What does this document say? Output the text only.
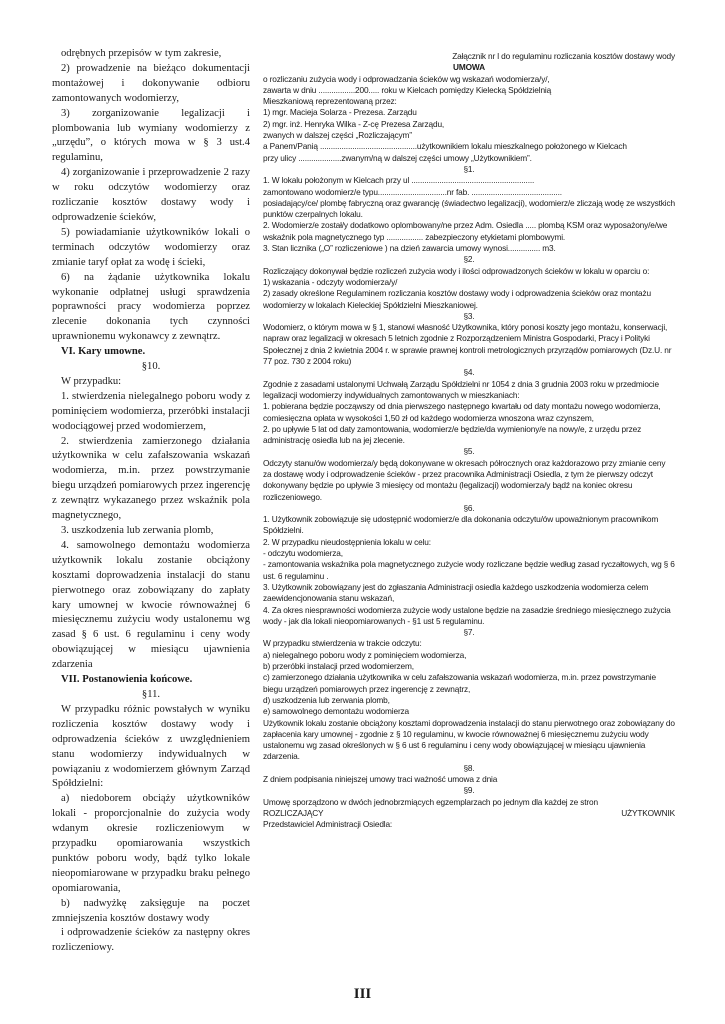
odrębnych przepisów w tym zakresie,

2) prowadzenie na bieżąco dokumentacji montażowej i dokonywanie odbioru zamontowanych wodomierzy,

3) zorganizowanie legalizacji i plombowania lub wymiany wodomierzy z „urzędu”, o których mowa w § 3 ust.4 regulaminu,

4) zorganizowanie i przeprowadzenie 2 razy w roku odczytów wodomierzy oraz rozliczanie kosztów dostawy wody i odprowadzenie ścieków,

5) powiadamianie użytkowników lokali o terminach odczytów wodomierzy oraz zmianie taryf opłat za wodę i ścieki,

6) na żądanie użytkownika lokalu wykonanie odpłatnej usługi sprawdzenia poprawności pracy wodomierza poprzez zlecenie dokonania tych czynności uprawnionemu wykonawcy z zewnątrz.

VI. Kary umowne.

§10.

W przypadku:

1. stwierdzenia nielegalnego poboru wody z pominięciem wodomierza, przeróbki instalacji wodociągowej przed wodomierzem,

2. stwierdzenia zamierzonego działania użytkownika w celu zafałszowania wskazań wodomierza, m.in. przez powstrzymanie biegu urządzeń pomiarowych przez ingerencję z zewnątrz wykazanego przez wskaźnik pola magnetycznego,

3. uszkodzenia lub zerwania plomb,

4. samowolnego demontażu wodomierza użytkownik lokalu zostanie obciążony kosztami doprowadzenia instalacji do stanu pierwotnego oraz zobowiązany do zapłaty kary umownej w kwocie równoważnej 6 miesięcznemu zużyciu wody ustalonemu wg zasad § 6 ust. 6 regulaminu i ceny wody obowiązującej w miesiącu ujawnienia zdarzenia

VII. Postanowienia końcowe.

§11.

W przypadku różnic powstałych w wyniku rozliczenia kosztów dostawy wody i odprowadzenia ścieków z uwzględnieniem stanu wodomierzy indywidualnych w powiązaniu z wodomierzem głównym Zarząd Spółdzielni:

a) niedoborem obciąży użytkowników lokali - proporcjonalnie do zużycia wody wdanym okresie rozliczeniowym w przypadku opomiarowania wszystkich punktów poboru wody, bądź tylko lokale nieopomiarowane w przypadku braku pełnego opomiarowania,

b) nadwyżkę zaksięguje na poczet zmniejszenia kosztów dostawy wody

i odprowadzenie ścieków za następny okres rozliczeniowy.

Załącznik nr l do regulaminu rozliczania kosztów dostawy wody

UMOWA

o rozliczaniu zużycia wody i odprowadzania ścieków wg wskazań wodomierza/y/,

zawarta w dniu .................200..... roku w Kielcach pomiędzy Kielecką Spółdzielnią

Mieszkaniową reprezentowaną przez:

1) mgr. Macieja Solarza - Prezesa. Zarządu

2) mgr. inż. Henryka Wilka - Z-cę Prezesa Zarządu,

zwanych w dalszej części „Rozliczającym”

a Panem/Panią .............................................użytkownikiem lokalu mieszkalnego położonego w Kielcach

przy ulicy ....................zwanym/ną w dalszej części umowy „Użytkownikiem”.

§1.

1. W lokalu położonym w Kielcach przy ul .........................................................

zamontowano wodomierz/e typu................................nr fab. ..........................................

posiadający/ce/ plombę fabryczną oraz gwarancję (świadectwo legalizacji), wodomierz/e zliczają wodę ze wszystkich punktów czerpalnych lokalu.

2. Wodomierz/e został/y dodatkowo oplombowany/ne przez Adm. Osiedla ..... plombą KSM oraz wyposażony/e/we wskaźnik pola magnetycznego typ ................. zabezpieczony etykietami plombowymi.

3. Stan licznika („O” rozliczeniowe ) na dzień zawarcia umowy wynosi............... m3.

§2.

Rozliczający dokonywał będzie rozliczeń zużycia wody i ilości odprowadzonych ścieków w lokalu w oparciu o:

1) wskazania - odczyty wodomierza/y/

2) zasady określone Regulaminem rozliczania kosztów dostawy wody i odprowadzenia ścieków oraz montażu wodomierzy w lokalach Kieleckiej Spółdzielni Mieszkaniowej.

§3.

Wodomierz, o którym mowa w § 1, stanowi własność Użytkownika, który ponosi koszty jego montażu, konserwacji, napraw oraz legalizacji w okresach 5 letnich zgodnie z Rozporządzeniem Ministra Gospodarki, Pracy i Polityki Społecznej z dnia 2 kwietnia 2004 r. w sprawie prawnej kontroli metrologicznych przyrządów pomiarowych (Dz.U. nr 77 poz. 730 z 2004 roku)

§4.

Zgodnie z zasadami ustalonymi Uchwałą Zarządu Spółdzielni nr 1054 z dnia 3 grudnia 2003 roku w przedmiocie legalizacji wodomierzy indywidualnych zamontowanych w mieszkaniach:

1. pobierana będzie począwszy od dnia pierwszego następnego kwartału od daty montażu nowego wodomierza, comiesięczna opłata w wysokości 1,50 zł od każdego wodomierza wnoszona wraz czynszem,

2. po upływie 5 lat od daty zamontowania, wodomierz/e będzie/da wymieniony/e na nowy/e, z urzędu przez administrację osiedla lub na jej zlecenie.

§5.

Odczyty stanu/ów wodomierza/y będą dokonywane w okresach półrocznych oraz każdorazowo przy zmianie ceny za dostawę wody i odprowadzenie ścieków - przez pracownika Administracji Osiedla, z tym że pierwszy odczyt dokonywany będzie po upływie 3 miesięcy od montażu (legalizacji) wodomierza/y bądź na koniec okresu rozliczeniowego.

§6.

1. Użytkownik zobowiązuje się udostępnić wodomierz/e dla dokonania odczytu/ów upoważnionym pracownikom Spółdzielni.

2. W przypadku nieudostępnienia lokalu w celu:

- odczytu wodomierza,

- zamontowania wskaźnika pola magnetycznego zużycie wody rozliczane będzie według zasad ryczałtowych, wg § 6 ust. 6 regulaminu .

3. Użytkownik zobowiązany jest do zgłaszania Administracji osiedla każdego uszkodzenia wodomierza celem zaewidencjonowania stanu wskazań,

4. Za okres niesprawności wodomierza zużycie wody ustalone będzie na zasadzie średniego miesięcznego zużycia wody - jak dla lokali nieopomiarowanych - §1 ust 5 regulaminu.

§7.

W przypadku stwierdzenia w trakcie odczytu:

a) nielegalnego poboru wody z pominięciem wodomierza,

b) przeróbki instalacji przed wodomierzem,

c) zamierzonego działania użytkownika w celu zafałszowania wskazań wodomierza, m.in. przez powstrzymanie biegu urządzeń pomiarowych przez ingerencję z zewnątrz,

d) uszkodzenia lub zerwania plomb,

e) samowolnego demontażu wodomierza

Użytkownik lokalu zostanie obciążony kosztami doprowadzenia instalacji do stanu pierwotnego oraz zobowiązany do zapłacenia kary umownej - zgodnie z § 10 regulaminu, w kwocie równoważnej 6 miesięcznemu zużyciu wody ustalonemu wg zasad określonych w § 6 ust 6 regulaminu i ceny wody obowiązującej w miesiącu ujawnienia zdarzenia.

§8.

Z dniem podpisania niniejszej umowy traci ważność umowa z dnia

§9.

Umowę sporządzono w dwóch jednobrzmiących egzemplarzach po jednym dla każdej ze stron

ROZLICZAJĄCY	UŻYTKOWNIK

Przedstawiciel Administracji Osiedla:

III
